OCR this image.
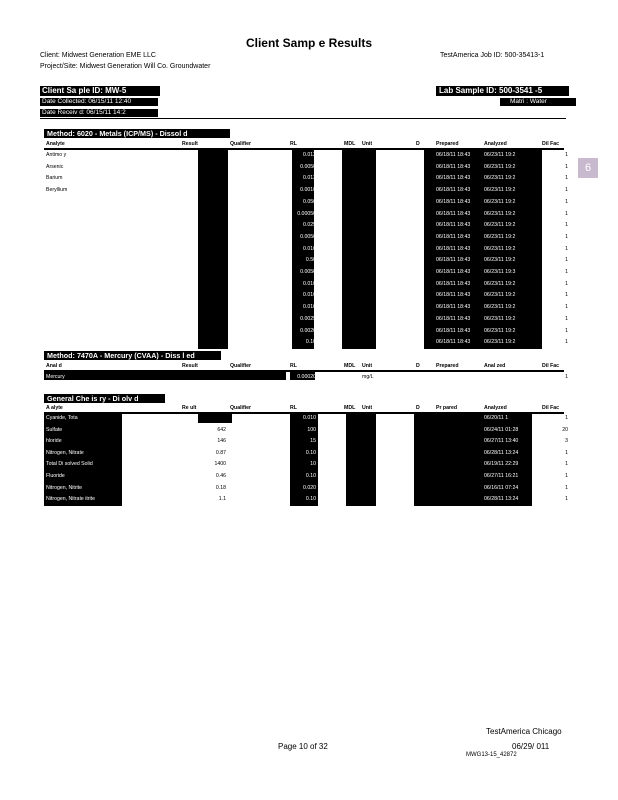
Client Samp e Results
Client: Midwest Generation EME LLC
Project/Site: Midwest Generation Will Co. Groundwater
TestAmerica Job ID: 500-35413-1
Client Sa ple ID: MW-5	Lab Sample ID: 500-3541 -5
Date Collected: 06/15/11 12:40
Date Receiv d: 06/15/11 14:2
Matri : Water
6
Method: 6020 - Metals (ICP/MS) - Dissol d
Analyte	Result	Qualifier	RL	MDL Unit	D	Prepared	Analyzed	Dil Fac
Antimo y	<0.012	0.012	mg/L	06/18/11 18:43	06/23/11 19:2	1
Arsenic	<0.0050	0.0050	mg/L	06/18/11 18:43	06/23/11 19:2	1
Barium	0.040	0.013	mg/L	06/18/11 18:43	06/23/11 19:2	1
Beryllium	<0.0010	0.0010	mg/L	06/18/11 18:43	06/23/11 19:2	1
Boron	0.52	0.050	mg/L	06/18/11 18:43	06/23/11 19:2	1
Cadmium	<0.00050	0.00050	mg/L	06/18/11 18:43	06/23/11 19:2	1
Chromium	<0.025	0.025	mg/L	06/18/11 18:43	06/23/11 19:2	1
Cobalt	<0.0050	0.0050	mg/L	06/18/11 18:43	06/23/11 19:2	1
Copper	<0.010	0.010	mg/L	06/18/11 18:43	06/23/11 19:2	1
Iron	<0.50	0.50	mg/L	06/18/11 18:43	06/23/11 19:2	1
Lead	<0.0050	0.0050	mg/L	06/18/11 18:43	06/23/11 19:3	1
Manganese	0.055	0.010	mg/L	06/18/11 18:43	06/23/11 19:2	1
Nickel	<0.010	0.010	mg/L	06/18/11 18:43	06/23/11 19:2	1
Selenium	<0.010	0.010	mg/L	06/18/11 18:43	06/23/11 19:2	1
Silver	<0.0025	0.0025	mg/L	06/18/11 18:43	06/23/11 19:2	1
Thallium	<0.0020	0.0020	mg/L	06/18/11 18:43	06/23/11 19:2	1
Zinc	<0.10	0.10	mg/L	06/18/11 18:43	06/23/11 19:2	1
Method: 7470A - Mercury (CVAA) - Diss l ed
Anal d	Result	Qualifier	RL	MDL Unit	D	Prepared	Anal zed	Dil Fac
Mercury	<0.00020	0.00020	mg/L	1
General Che is ry - Di olv d
A alyte	Re ult	Qualifier	RL	MDL Unit	D	Pr pared	Analyzed	Dil Fac
Cyanide, Tota	<0.010	0.010	mg/L	06/20/11 1	1
Sulfate	642	100	mg/L	06/24/11 01:28	20
hloride	146	15	mg/L	06/27/11 13:40	3
Nitrogen, Nitrate	0.87	0.10	mg/L	06/28/11 13:24	1
Total Di solved Solid	1400	10	mg/L	06/19/11 22:29	1
Fluoride	0.46	0.10	mg/L	06/27/11 16:21	1
Nitrogen, Nitrite	0.18	0.020	mg/L	06/16/11 07:24	1
Nitrogen, Nitrate itrite	1.1	0.10	mg/L	06/28/11 13:24	1
TestAmerica Chicago
Page 10 of 32	06/29/ 011
MWG13-15_42872
